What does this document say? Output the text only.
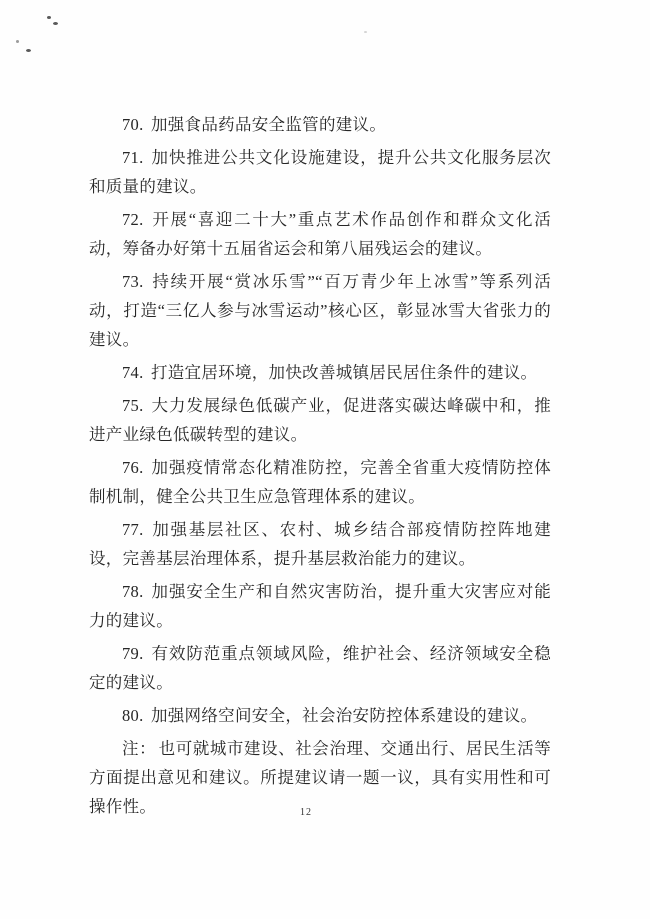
70. 加强食品药品安全监管的建议。

71. 加快推进公共文化设施建设，提升公共文化服务层次和质量的建议。

72. 开展“喜迎二十大”重点艺术作品创作和群众文化活动，筹备办好第十五届省运会和第八届残运会的建议。

73. 持续开展“赏冰乐雪”“百万青少年上冰雪”等系列活动，打造“三亿人参与冰雪运动”核心区，彰显冰雪大省张力的建议。

74. 打造宜居环境，加快改善城镇居民居住条件的建议。

75. 大力发展绿色低碳产业，促进落实碳达峰碳中和，推进产业绿色低碳转型的建议。

76. 加强疫情常态化精准防控，完善全省重大疫情防控体制机制，健全公共卫生应急管理体系的建议。

77. 加强基层社区、农村、城乡结合部疫情防控阵地建设，完善基层治理体系，提升基层救治能力的建议。

78. 加强安全生产和自然灾害防治，提升重大灾害应对能力的建议。

79. 有效防范重点领域风险，维护社会、经济领域安全稳定的建议。

80. 加强网络空间安全，社会治安防控体系建设的建议。

注： 也可就城市建设、社会治理、交通出行、居民生活等方面提出意见和建议。所提建议请一题一议，具有实用性和可操作性。	12
